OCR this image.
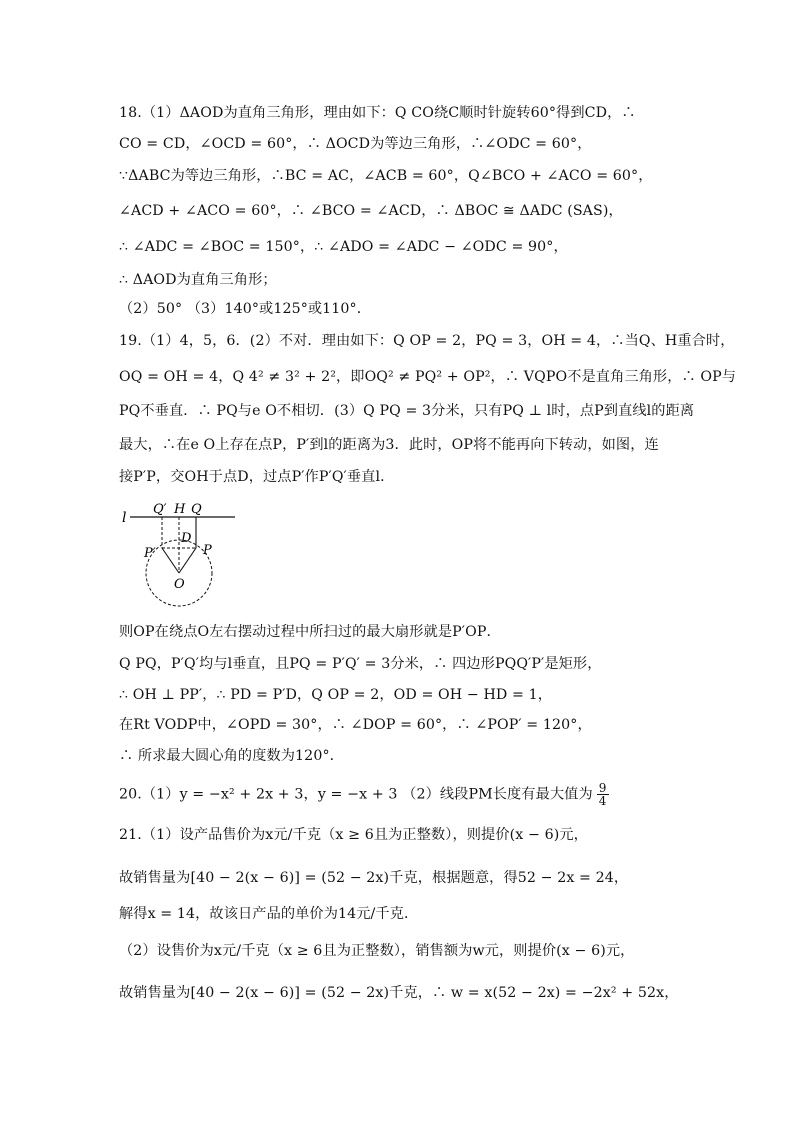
18.（1）ΔAOD为直角三角形，理由如下：Q CO绕C顺时针旋转60°得到CD，∴
CO = CD，∠OCD = 60°，∴ ΔOCD为等边三角形，∴∠ODC = 60°，
∵ΔABC为等边三角形，∴BC = AC，∠ACB = 60°，Q∠BCO + ∠ACO = 60°，
∠ACD + ∠ACO = 60°，∴ ∠BCO = ∠ACD，∴ ΔBOC ≅ ΔADC (SAS)，
∴ ∠ADC = ∠BOC = 150°，∴ ∠ADO = ∠ADC − ∠ODC = 90°，
∴ ΔAOD为直角三角形；
（2）50° （3）140°或125°或110°．
19.（1）4，5，6．(2）不对．理由如下：Q OP = 2，PQ = 3，OH = 4，∴当Q、H重合时，
OQ = OH = 4，Q 4² ≠ 3² + 2²，即OQ² ≠ PQ² + OP²，∴ VQPO不是直角三角形，∴ OP与
PQ不垂直．∴ PQ与e O不相切．(3）Q PQ = 3分米，只有PQ ⊥ l时，点P到直线l的距离
最大，∴在e O上存在点P，P′到l的距离为3．此时，OP将不能再向下转动，如图，连
接P′P，交OH于点D，过点P′作P′Q′垂直l．
l
Q′ H Q
D
P′	P
O
则OP在绕点O左右摆动过程中所扫过的最大扇形就是P′OP．
Q PQ，P′Q′均与l垂直，且PQ = P′Q′ = 3分米，∴ 四边形PQQ′P′是矩形，
∴ OH ⊥ PP′，∴ PD = P′D，Q OP = 2，OD = OH − HD = 1，
在Rt VODP中，∠OPD = 30°，∴ ∠DOP = 60°，∴ ∠POP′ = 120°，
∴ 所求最大圆心角的度数为120°．
20.（1）y = −x² + 2x + 3，y = −x + 3 （2）线段PM长度有最大值为 $\frac{9}{4}$
21.（1）设产品售价为x元/千克（x ≥ 6且为正整数），则提价(x − 6)元，
故销售量为[40 − 2(x − 6)] = (52 − 2x)千克，根据题意，得52 − 2x = 24，
解得x = 14，故该日产品的单价为14元/千克．
（2）设售价为x元/千克（x ≥ 6且为正整数），销售额为w元，则提价(x − 6)元，
故销售量为[40 − 2(x − 6)] = (52 − 2x)千克，∴ w = x(52 − 2x) = −2x² + 52x，
